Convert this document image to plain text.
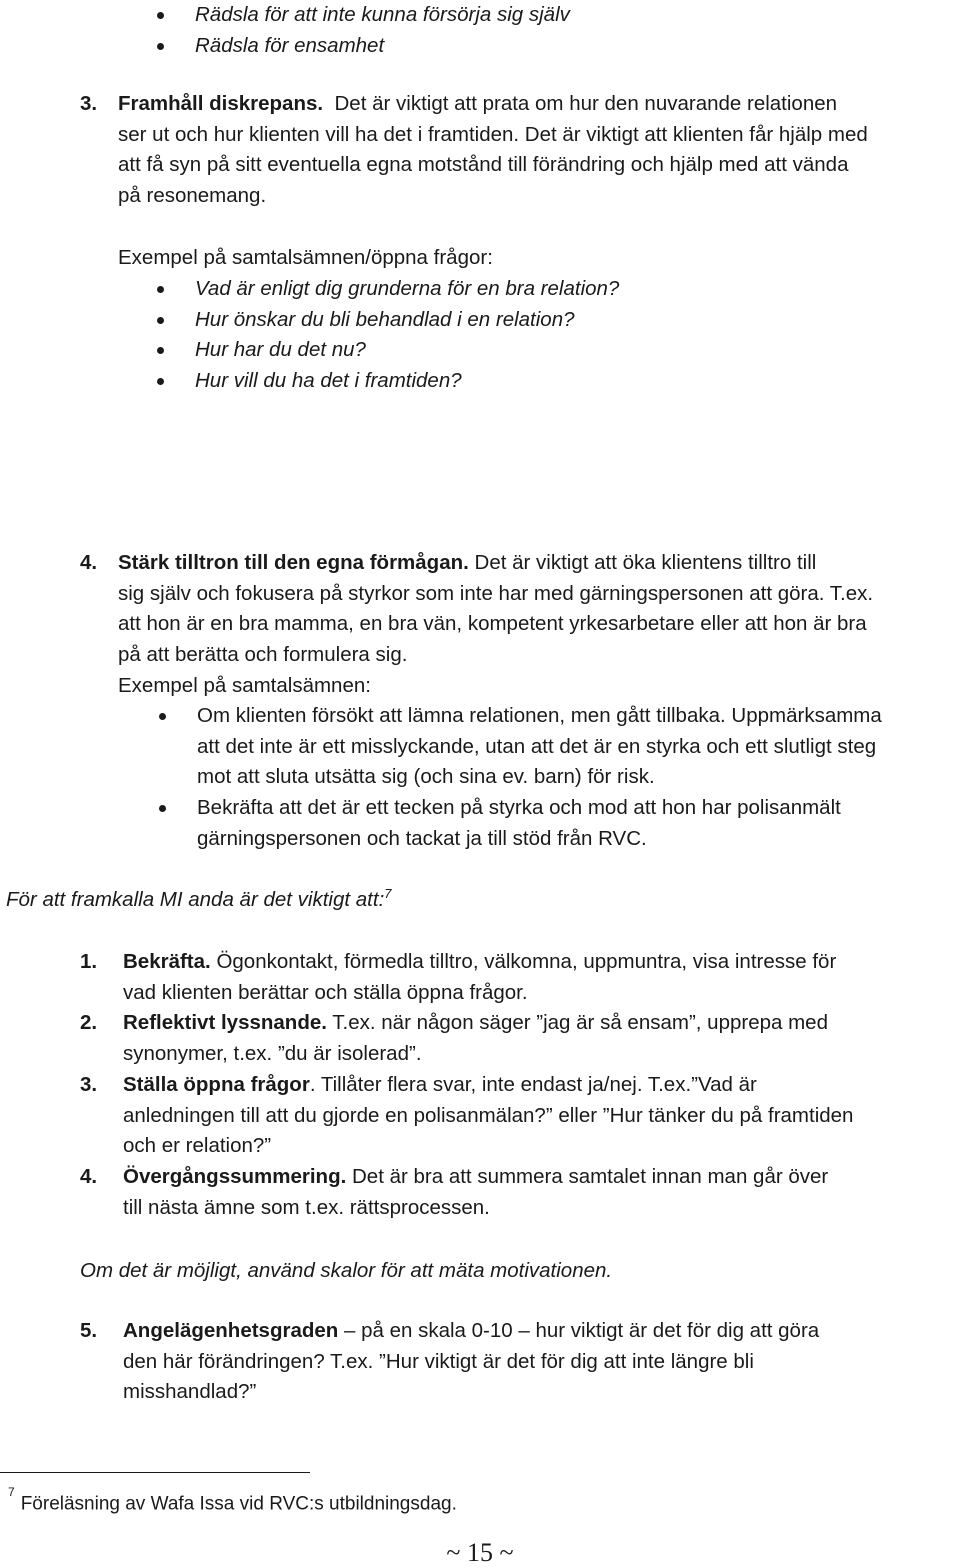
Rädsla för att inte kunna försörja sig själv
Rädsla för ensamhet
3. Framhåll diskrepans. Det är viktigt att prata om hur den nuvarande relationen
ser ut och hur klienten vill ha det i framtiden. Det är viktigt att klienten får hjälp med
att få syn på sitt eventuella egna motstånd till förändring och hjälp med att vända
på resonemang.
Exempel på samtalsämnen/öppna frågor:
Vad är enligt dig grunderna för en bra relation?
Hur önskar du bli behandlad i en relation?
Hur har du det nu?
Hur vill du ha det i framtiden?
4.	Stärk tilltron till den egna förmågan. Det är viktigt att öka klientens tilltro till
sig själv och fokusera på styrkor som inte har med gärningspersonen att göra. T.ex.
att hon är en bra mamma, en bra vän, kompetent yrkesarbetare eller att hon är bra
på att berätta och formulera sig.
Exempel på samtalsämnen:
Om klienten försökt att lämna relationen, men gått tillbaka. Uppmärksamma
att det inte är ett misslyckande, utan att det är en styrka och ett slutligt steg
mot att sluta utsätta sig (och sina ev. barn) för risk.
Bekräfta att det är ett tecken på styrka och mod att hon har polisanmält
gärningspersonen och tackat ja till stöd från RVC.
För att framkalla MI anda är det viktigt att:$^7$
1.	Bekräfta. Ögonkontakt, förmedla tilltro, välkomna, uppmuntra, visa intresse för
vad klienten berättar och ställa öppna frågor.
2.	Reflektivt lyssnande. T.ex. när någon säger ”jag är så ensam”, upprepa med
synonymer, t.ex. ”du är isolerad”.
3.	Ställa öppna frågor. Tillåter flera svar, inte endast ja/nej. T.ex.”Vad är
anledningen till att du gjorde en polisanmälan?” eller ”Hur tänker du på framtiden
och er relation?”
4.	Övergångssummering. Det är bra att summera samtalet innan man går över
till nästa ämne som t.ex. rättsprocessen.
Om det är möjligt, använd skalor för att mäta motivationen.
5.	Angelägenhetsgraden – på en skala 0-10 – hur viktigt är det för dig att göra
den här förändringen? T.ex. ”Hur viktigt är det för dig att inte längre bli
misshandlad?”
$^7$Föreläsning av Wafa Issa vid RVC:s utbildningsdag.
~ 15 ~
